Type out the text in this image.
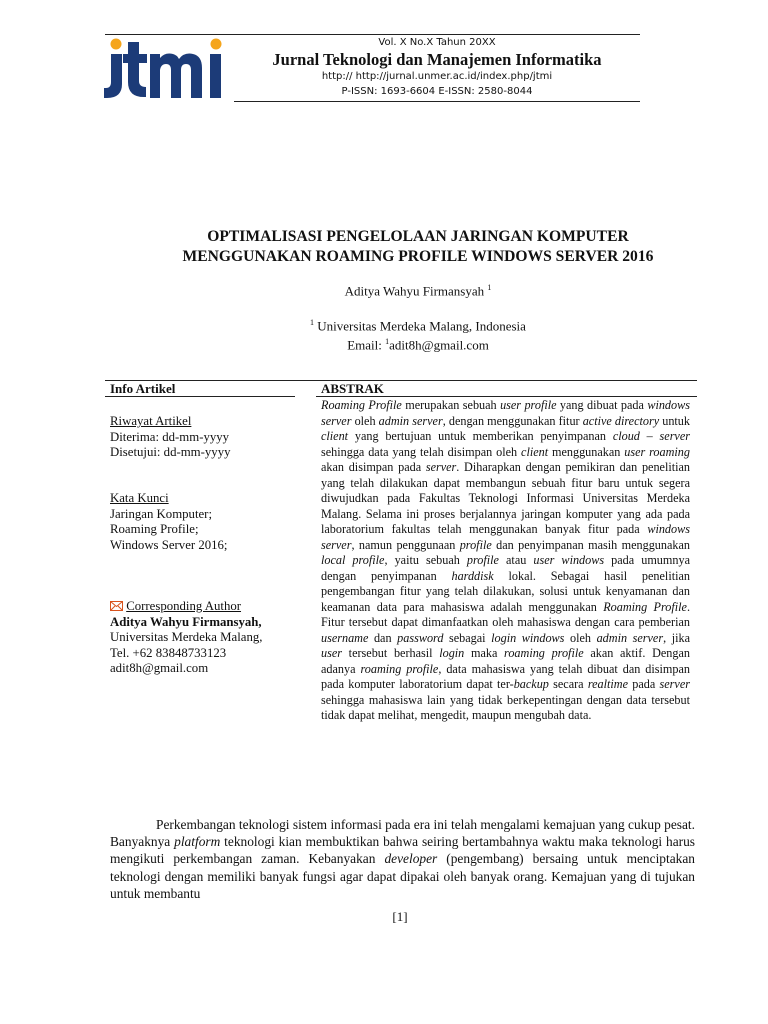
Vol. X No.X Tahun 20XX
Jurnal Teknologi dan Manajemen Informatika
http:// http://jurnal.unmer.ac.id/index.php/jtmi
P-ISSN: 1693-6604 E-ISSN: 2580-8044
OPTIMALISASI PENGELOLAAN JARINGAN KOMPUTER
MENGGUNAKAN ROAMING PROFILE WINDOWS SERVER 2016
Aditya Wahyu Firmansyah $^1$
$^1$ Universitas Merdeka Malang, Indonesia
Email: $^1$adit8h@gmail.com
Info Artikel	ABSTRAK
Riwayat Artikel
Diterima: dd-mm-yyyy
Disetujui: dd-mm-yyyy
Kata Kunci
Jaringan Komputer;
Roaming Profile;
Windows Server 2016;
Corresponding Author
Aditya Wahyu Firmansyah,
Universitas Merdeka Malang,
Tel. +62 83848733123
adit8h@gmail.com
Roaming Profile merupakan sebuah user profile yang dibuat pada windows server oleh admin server, dengan menggunakan fitur active directory untuk client yang bertujuan untuk memberikan penyimpanan cloud – server sehingga data yang telah disimpan oleh client menggunakan user roaming akan disimpan pada server. Diharapkan dengan pemikiran dan penelitian yang telah dilakukan dapat membangun sebuah fitur baru untuk segera diwujudkan pada Fakultas Teknologi Informasi Universitas Merdeka Malang. Selama ini proses berjalannya jaringan komputer yang ada pada laboratorium fakultas telah menggunakan banyak fitur pada windows server, namun penggunaan profile dan penyimpanan masih menggunakan local profile, yaitu sebuah profile atau user windows pada umumnya dengan penyimpanan harddisk lokal. Sebagai hasil penelitian pengembangan fitur yang telah dilakukan, solusi untuk kenyamanan dan keamanan data para mahasiswa adalah menggunakan Roaming Profile. Fitur tersebut dapat dimanfaatkan oleh mahasiswa dengan cara pemberian username dan password sebagai login windows oleh admin server, jika user tersebut berhasil login maka roaming profile akan aktif. Dengan adanya roaming profile, data mahasiswa yang telah dibuat dan disimpan pada komputer laboratorium dapat ter-backup secara realtime pada server sehingga mahasiswa lain yang tidak berkepentingan dengan data tersebut tidak dapat melihat, mengedit, maupun mengubah data.
Perkembangan teknologi sistem informasi pada era ini telah mengalami kemajuan yang cukup pesat. Banyaknya platform teknologi kian membuktikan bahwa seiring bertambahnya waktu maka teknologi harus mengikuti perkembangan zaman. Kebanyakan developer (pengembang) bersaing untuk menciptakan teknologi dengan memiliki banyak fungsi agar dapat dipakai oleh banyak orang. Kemajuan yang di tujukan untuk membantu
[1]
